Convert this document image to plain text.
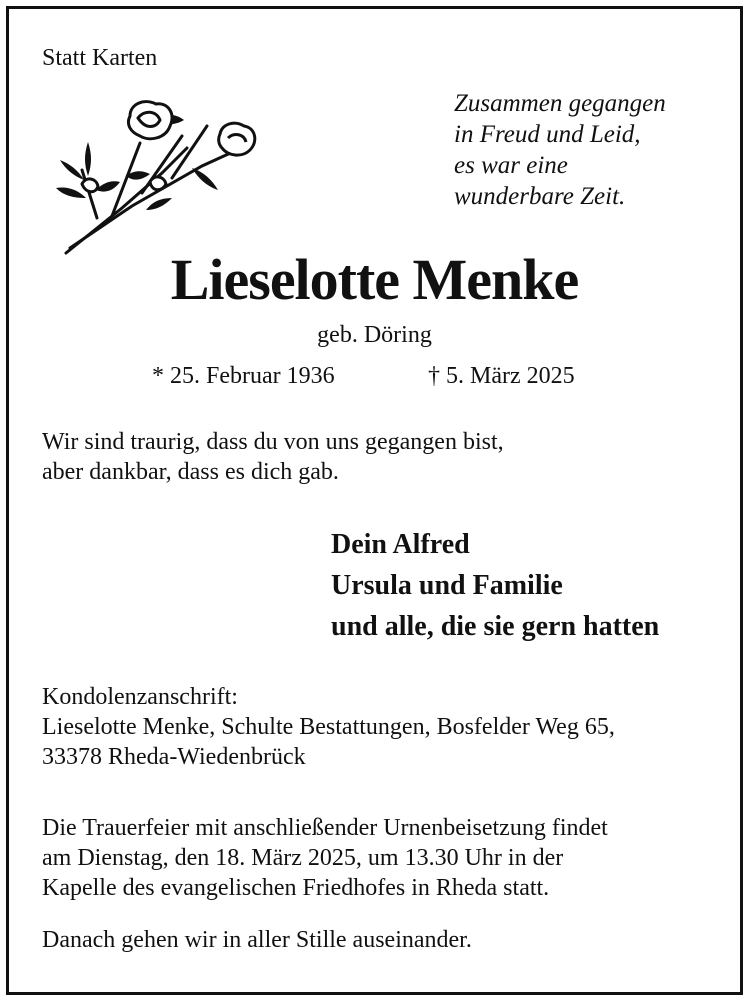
Statt Karten
Zusammen gegangen
in Freud und Leid,
es war eine
wunderbare Zeit.
Lieselotte Menke
geb. Döring
* 25. Februar 1936	† 5. März 2025
Wir sind traurig, dass du von uns gegangen bist,
aber dankbar, dass es dich gab.
Dein Alfred
Ursula und Familie
und alle, die sie gern hatten
Kondolenzanschrift:
Lieselotte Menke, Schulte Bestattungen, Bosfelder Weg 65,
33378 Rheda-Wiedenbrück
Die Trauerfeier mit anschließender Urnenbeisetzung findet
am Dienstag, den 18. März 2025, um 13.30 Uhr in der
Kapelle des evangelischen Friedhofes in Rheda statt.
Danach gehen wir in aller Stille auseinander.
